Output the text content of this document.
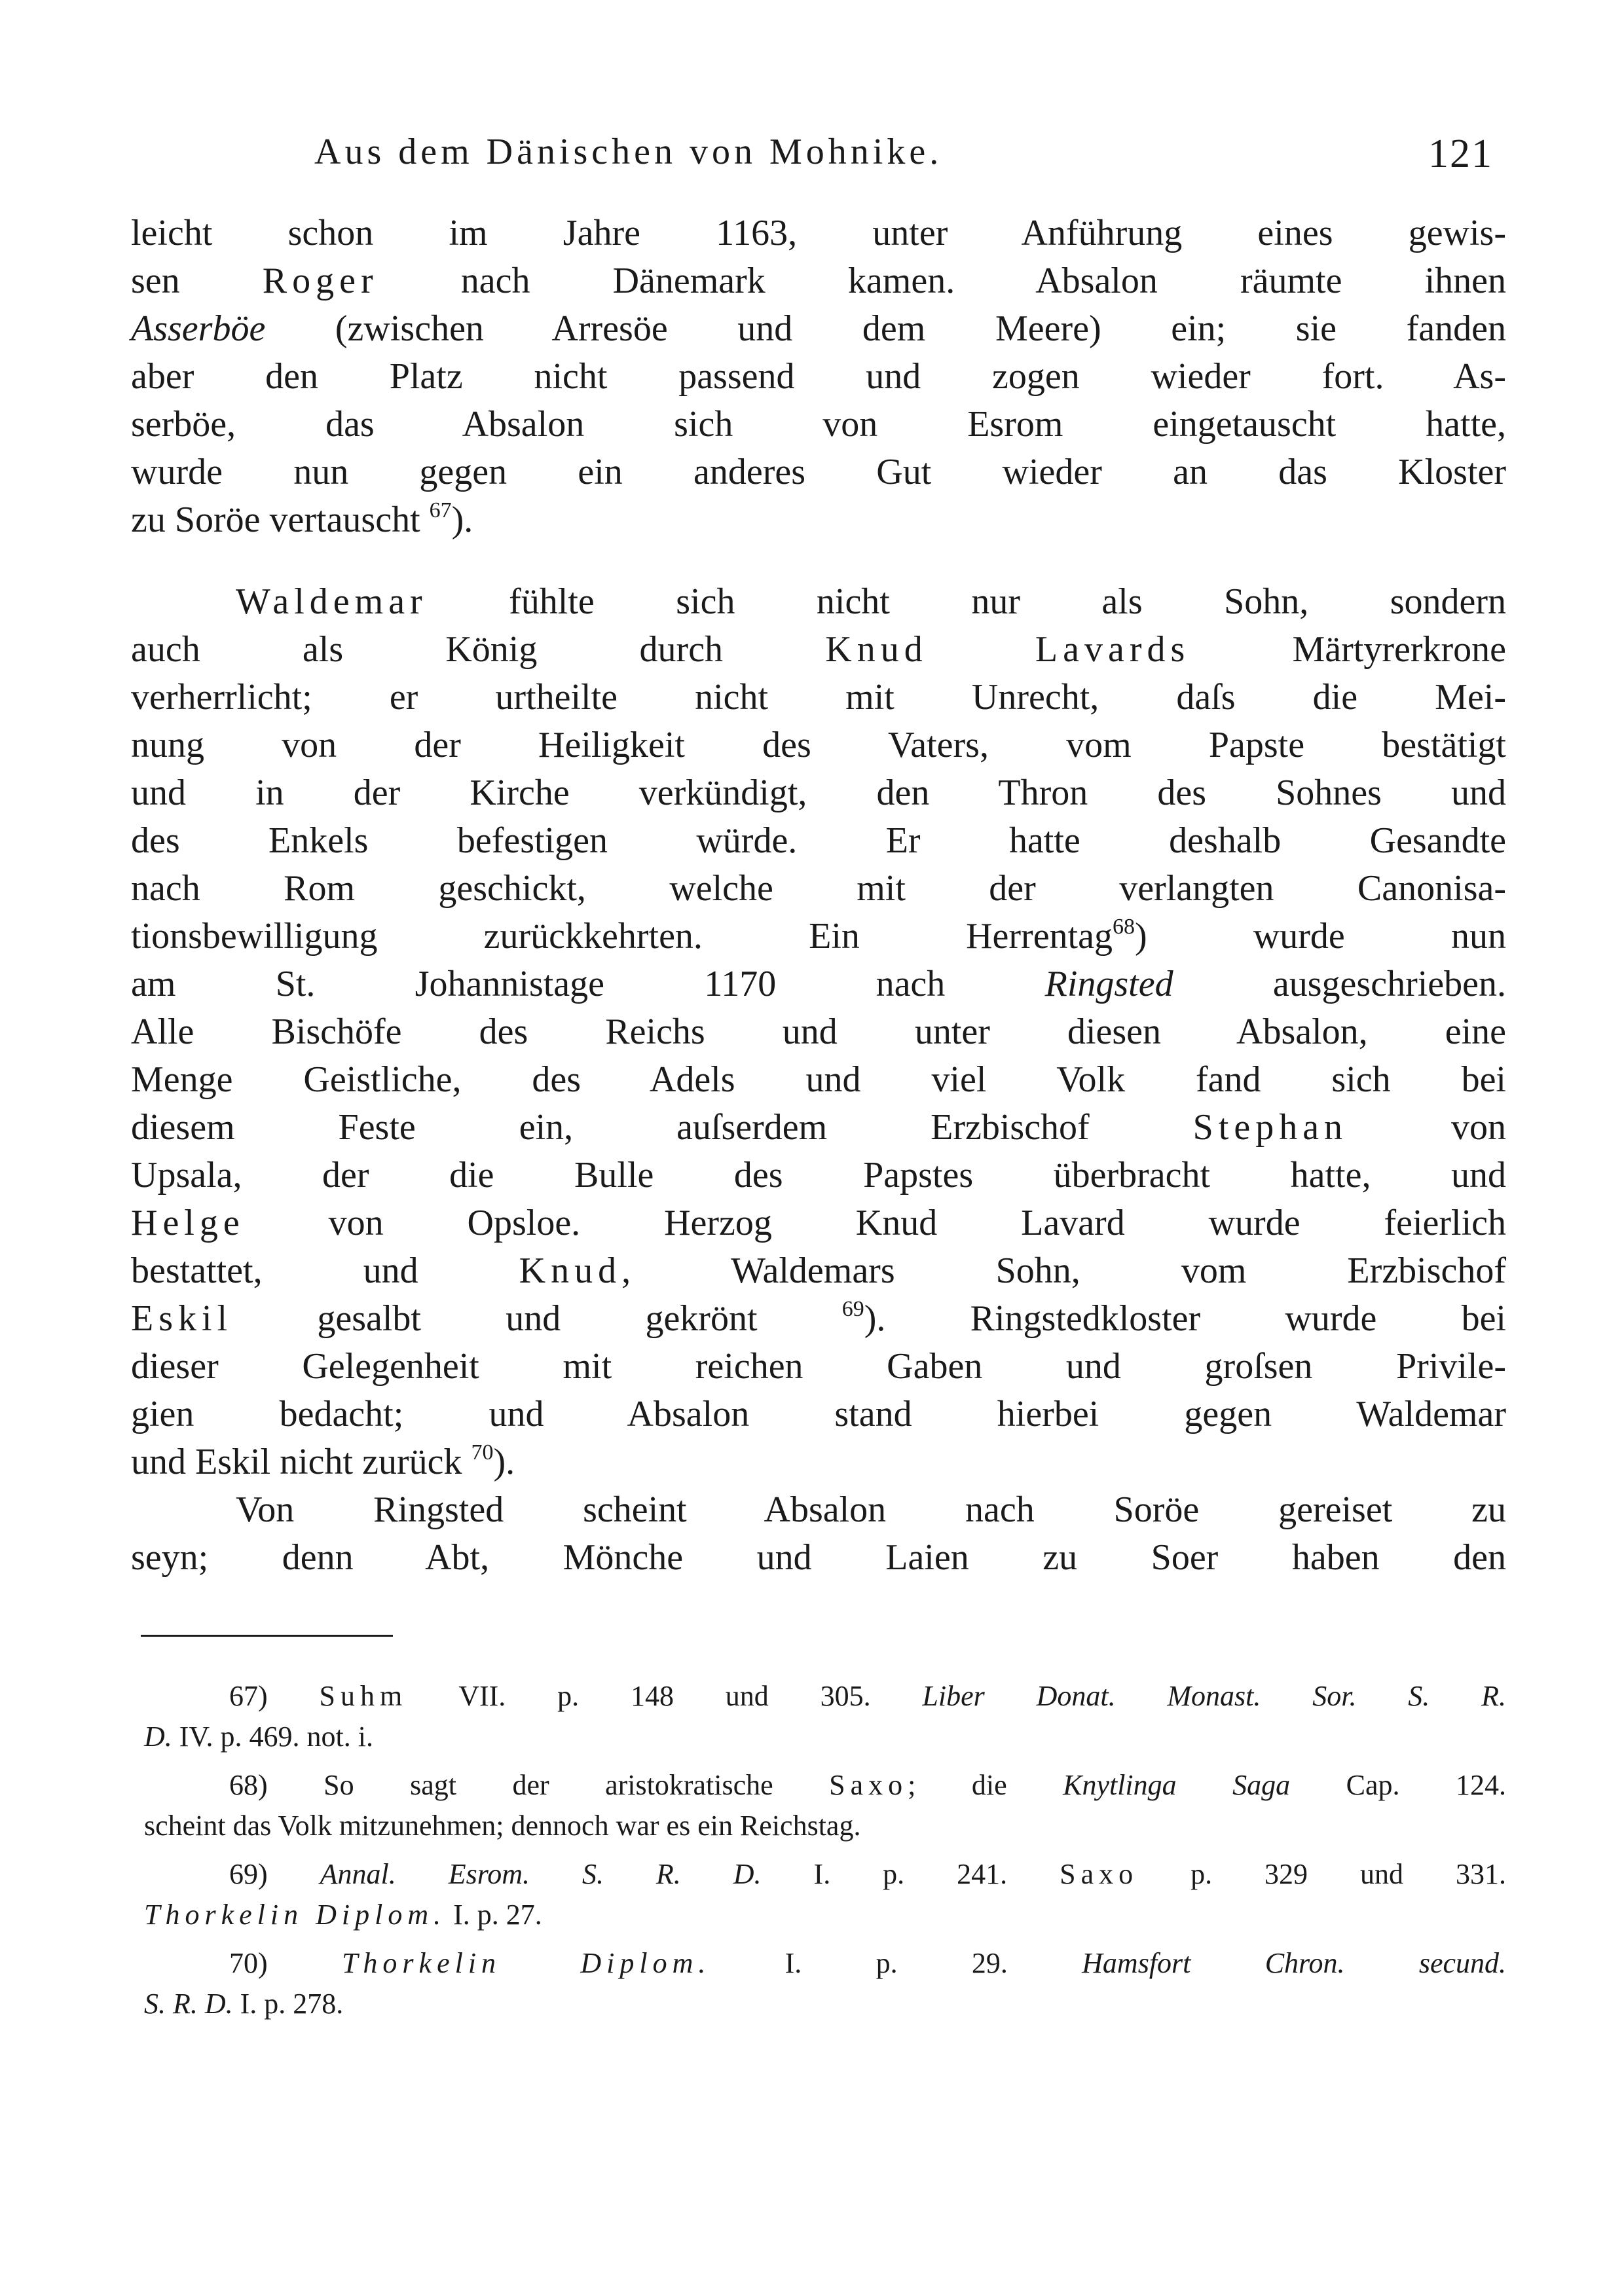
Aus dem Dänischen von Mohnike.	121
leicht schon im Jahre 1163, unter Anführung eines gewis-
sen Roger nach Dänemark kamen. Absalon räumte ihnen
Asserböe (zwischen Arresöe und dem Meere) ein; sie fanden
aber den Platz nicht passend und zogen wieder fort. As-
serböe, das Absalon sich von Esrom eingetauscht hatte,
wurde nun gegen ein anderes Gut wieder an das Kloster
zu Soröe vertauscht $^{67}$).
Waldemar fühlte sich nicht nur als Sohn, sondern
auch als König durch Knud Lavards Märtyrerkrone
verherrlicht; er urtheilte nicht mit Unrecht, daſs die Mei-
nung von der Heiligkeit des Vaters, vom Papste bestätigt
und in der Kirche verkündigt, den Thron des Sohnes und
des Enkels befestigen würde. Er hatte deshalb Gesandte
nach Rom geschickt, welche mit der verlangten Canonisa-
tionsbewilligung zurückkehrten. Ein Herrentag$^{68}$) wurde nun
am St. Johannistage 1170 nach Ringsted ausgeschrieben.
Alle Bischöfe des Reichs und unter diesen Absalon, eine
Menge Geistliche, des Adels und viel Volk fand sich bei
diesem Feste ein, auſserdem Erzbischof Stephan von
Upsala, der die Bulle des Papstes überbracht hatte, und
Helge von Opsloe. Herzog Knud Lavard wurde feierlich
bestattet, und Knud, Waldemars Sohn, vom Erzbischof
Eskil gesalbt und gekrönt $^{69}$). Ringstedkloster wurde bei
dieser Gelegenheit mit reichen Gaben und groſsen Privile-
gien bedacht; und Absalon stand hierbei gegen Waldemar
und Eskil nicht zurück $^{70}$).
Von Ringsted scheint Absalon nach Soröe gereiset zu
seyn; denn Abt, Mönche und Laien zu Soer haben den
67) Suhm VII. p. 148 und 305. Liber Donat. Monast. Sor. S. R.
D. IV. p. 469. not. i.
68) So sagt der aristokratische Saxo; die Knytlinga Saga Cap. 124.
scheint das Volk mitzunehmen; dennoch war es ein Reichstag.
69) Annal. Esrom. S. R. D. I. p. 241. Saxo p. 329 und 331.
Thorkelin Diplom. I. p. 27.
70)	Thorkelin Diplom. I. p. 29. Hamsfort Chron. secund.
S. R. D. I. p. 278.
